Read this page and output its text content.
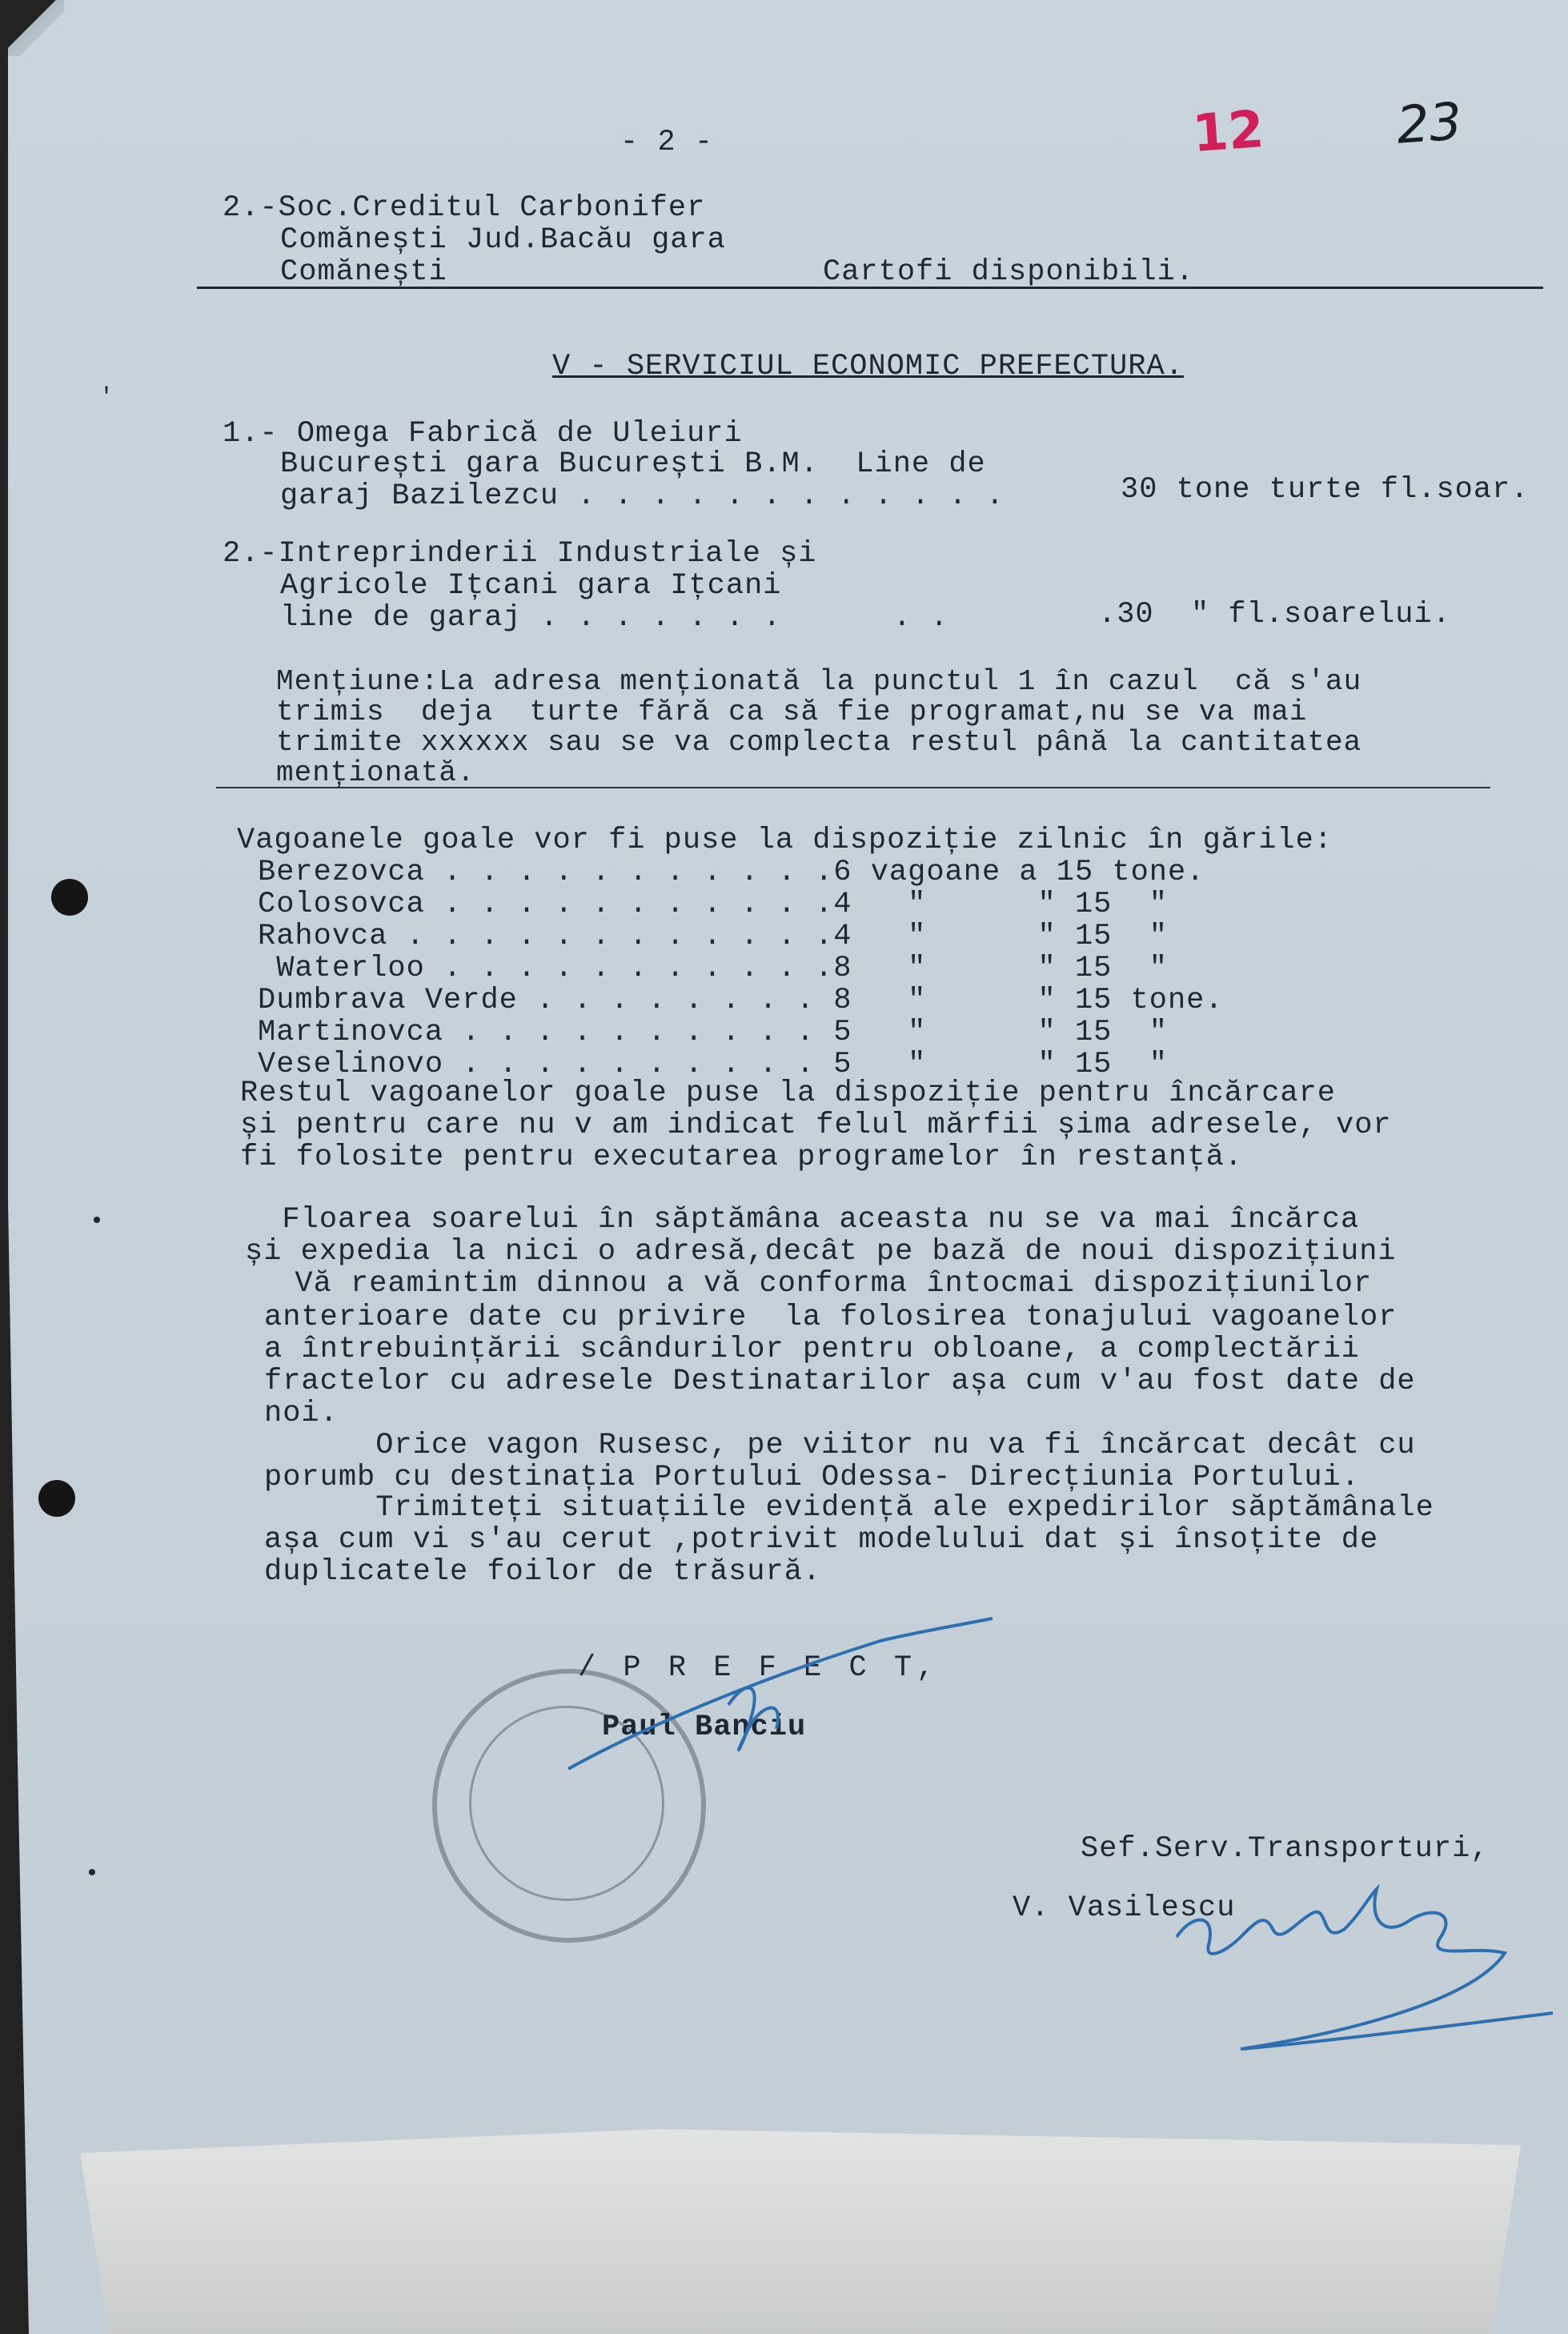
'
•
•
- 2 -	12	23
2.-Soc.Creditul Carbonifer
Comănești Jud.Bacău gara
Comănești	Cartofi disponibili.
V - SERVICIUL ECONOMIC PREFECTURA.
1.- Omega Fabrică de Uleiuri
București gara București B.M.  Line de
garaj Bazilezcu . . . . . . . . . . . .	30 tone turte fl.soar.
2.-Intreprinderii Industriale și
Agricole Ițcani gara Ițcani
line de garaj . . . . . . .      . .	.30  " fl.soarelui.
Mențiune:La adresa menționată la punctul 1 în cazul  că s'au
trimis  deja  turte fără ca să fie programat,nu se va mai
trimite xxxxxx sau se va complecta restul până la cantitatea
menționată.
Vagoanele goale vor fi puse la dispoziție zilnic în gările:
Berezovca . . . . . . . . . . .6 vagoane a 15 tone.
Colosovca . . . . . . . . . . .4   "      " 15  "
Rahovca . . . . . . . . . . . .4   "      " 15  "
Waterloo . . . . . . . . . . .8   "      " 15  "
Dumbrava Verde . . . . . . . . 8   "      " 15 tone.
Martinovca . . . . . . . . . . 5   "      " 15  "
Veselinovo . . . . . . . . . . 5   "      " 15  "
Restul vagoanelor goale puse la dispoziție pentru încărcare
și pentru care nu v am indicat felul mărfii șima adresele, vor
fi folosite pentru executarea programelor în restanță.
Floarea soarelui în săptămâna aceasta nu se va mai încărca
și expedia la nici o adresă,decât pe bază de noui dispozițiuni
Vă reamintim dinnou a vă conforma întocmai dispozițiunilor
anterioare date cu privire  la folosirea tonajului vagoanelor
a întrebuințării scândurilor pentru obloane, a complectării
fractelor cu adresele Destinatarilor așa cum v'au fost date de
noi.
Orice vagon Rusesc, pe viitor nu va fi încărcat decât cu
porumb cu destinația Portului Odessa- Direcțiunia Portului.
Trimiteți situațiile evidență ale expedirilor săptămânale
așa cum vi s'au cerut ,potrivit modelului dat și însoțite de
duplicatele foilor de trăsură.
/ P R E F E C T,
Paul Banciu
Sef.Serv.Transporturi,
V. Vasilescu
